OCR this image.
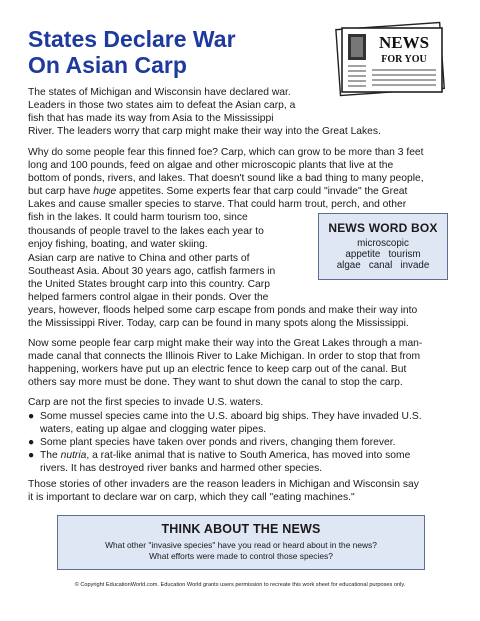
States Declare War
On Asian Carp
NEWS
FOR YOU
The states of Michigan and Wisconsin have declared war.
Leaders in those two states aim to defeat the Asian carp, a
fish that has made its way from Asia to the Mississippi
River. The leaders worry that carp might make their way into the Great Lakes.
Why do some people fear this finned foe? Carp, which can grow to be more than 3 feet
long and 100 pounds, feed on algae and other microscopic plants that live at the
bottom of ponds, rivers, and lakes. That doesn't sound like a bad thing to many people,
but carp have huge appetites. Some experts fear that carp could "invade" the Great
Lakes and cause smaller species to starve. That could harm trout, perch, and other
fish in the lakes. It could harm tourism too, since
thousands of people travel to the lakes each year to
enjoy fishing, boating, and water skiing.
NEWS WORD BOX
microscopic
appetite   tourism
algae   canal   invade
Asian carp are native to China and other parts of
Southeast Asia. About 30 years ago, catfish farmers in
the United States brought carp into this country. Carp
helped farmers control algae in their ponds. Over the
years, however, floods helped some carp escape from ponds and make their way into
the Mississippi River. Today, carp can be found in many spots along the Mississippi.
Now some people fear carp might make their way into the Great Lakes through a man-
made canal that connects the Illinois River to Lake Michigan. In order to stop that from
happening, workers have put up an electric fence to keep carp out of the canal. But
others say more must be done. They want to shut down the canal to stop the carp.
Carp are not the first species to invade U.S. waters.
● Some mussel species came into the U.S. aboard big ships. They have invaded U.S.
waters, eating up algae and clogging water pipes.
● Some plant species have taken over ponds and rivers, changing them forever.
● The nutria, a rat-like animal that is native to South America, has moved into some
rivers. It has destroyed river banks and harmed other species.
Those stories of other invaders are the reason leaders in Michigan and Wisconsin say
it is important to declare war on carp, which they call "eating machines."
THINK ABOUT THE NEWS
What other "invasive species" have you read or heard about in the news?
What efforts were made to control those species?
© Copyright EducationWorld.com. Education World grants users permission to recreate this work sheet for educational purposes only.
